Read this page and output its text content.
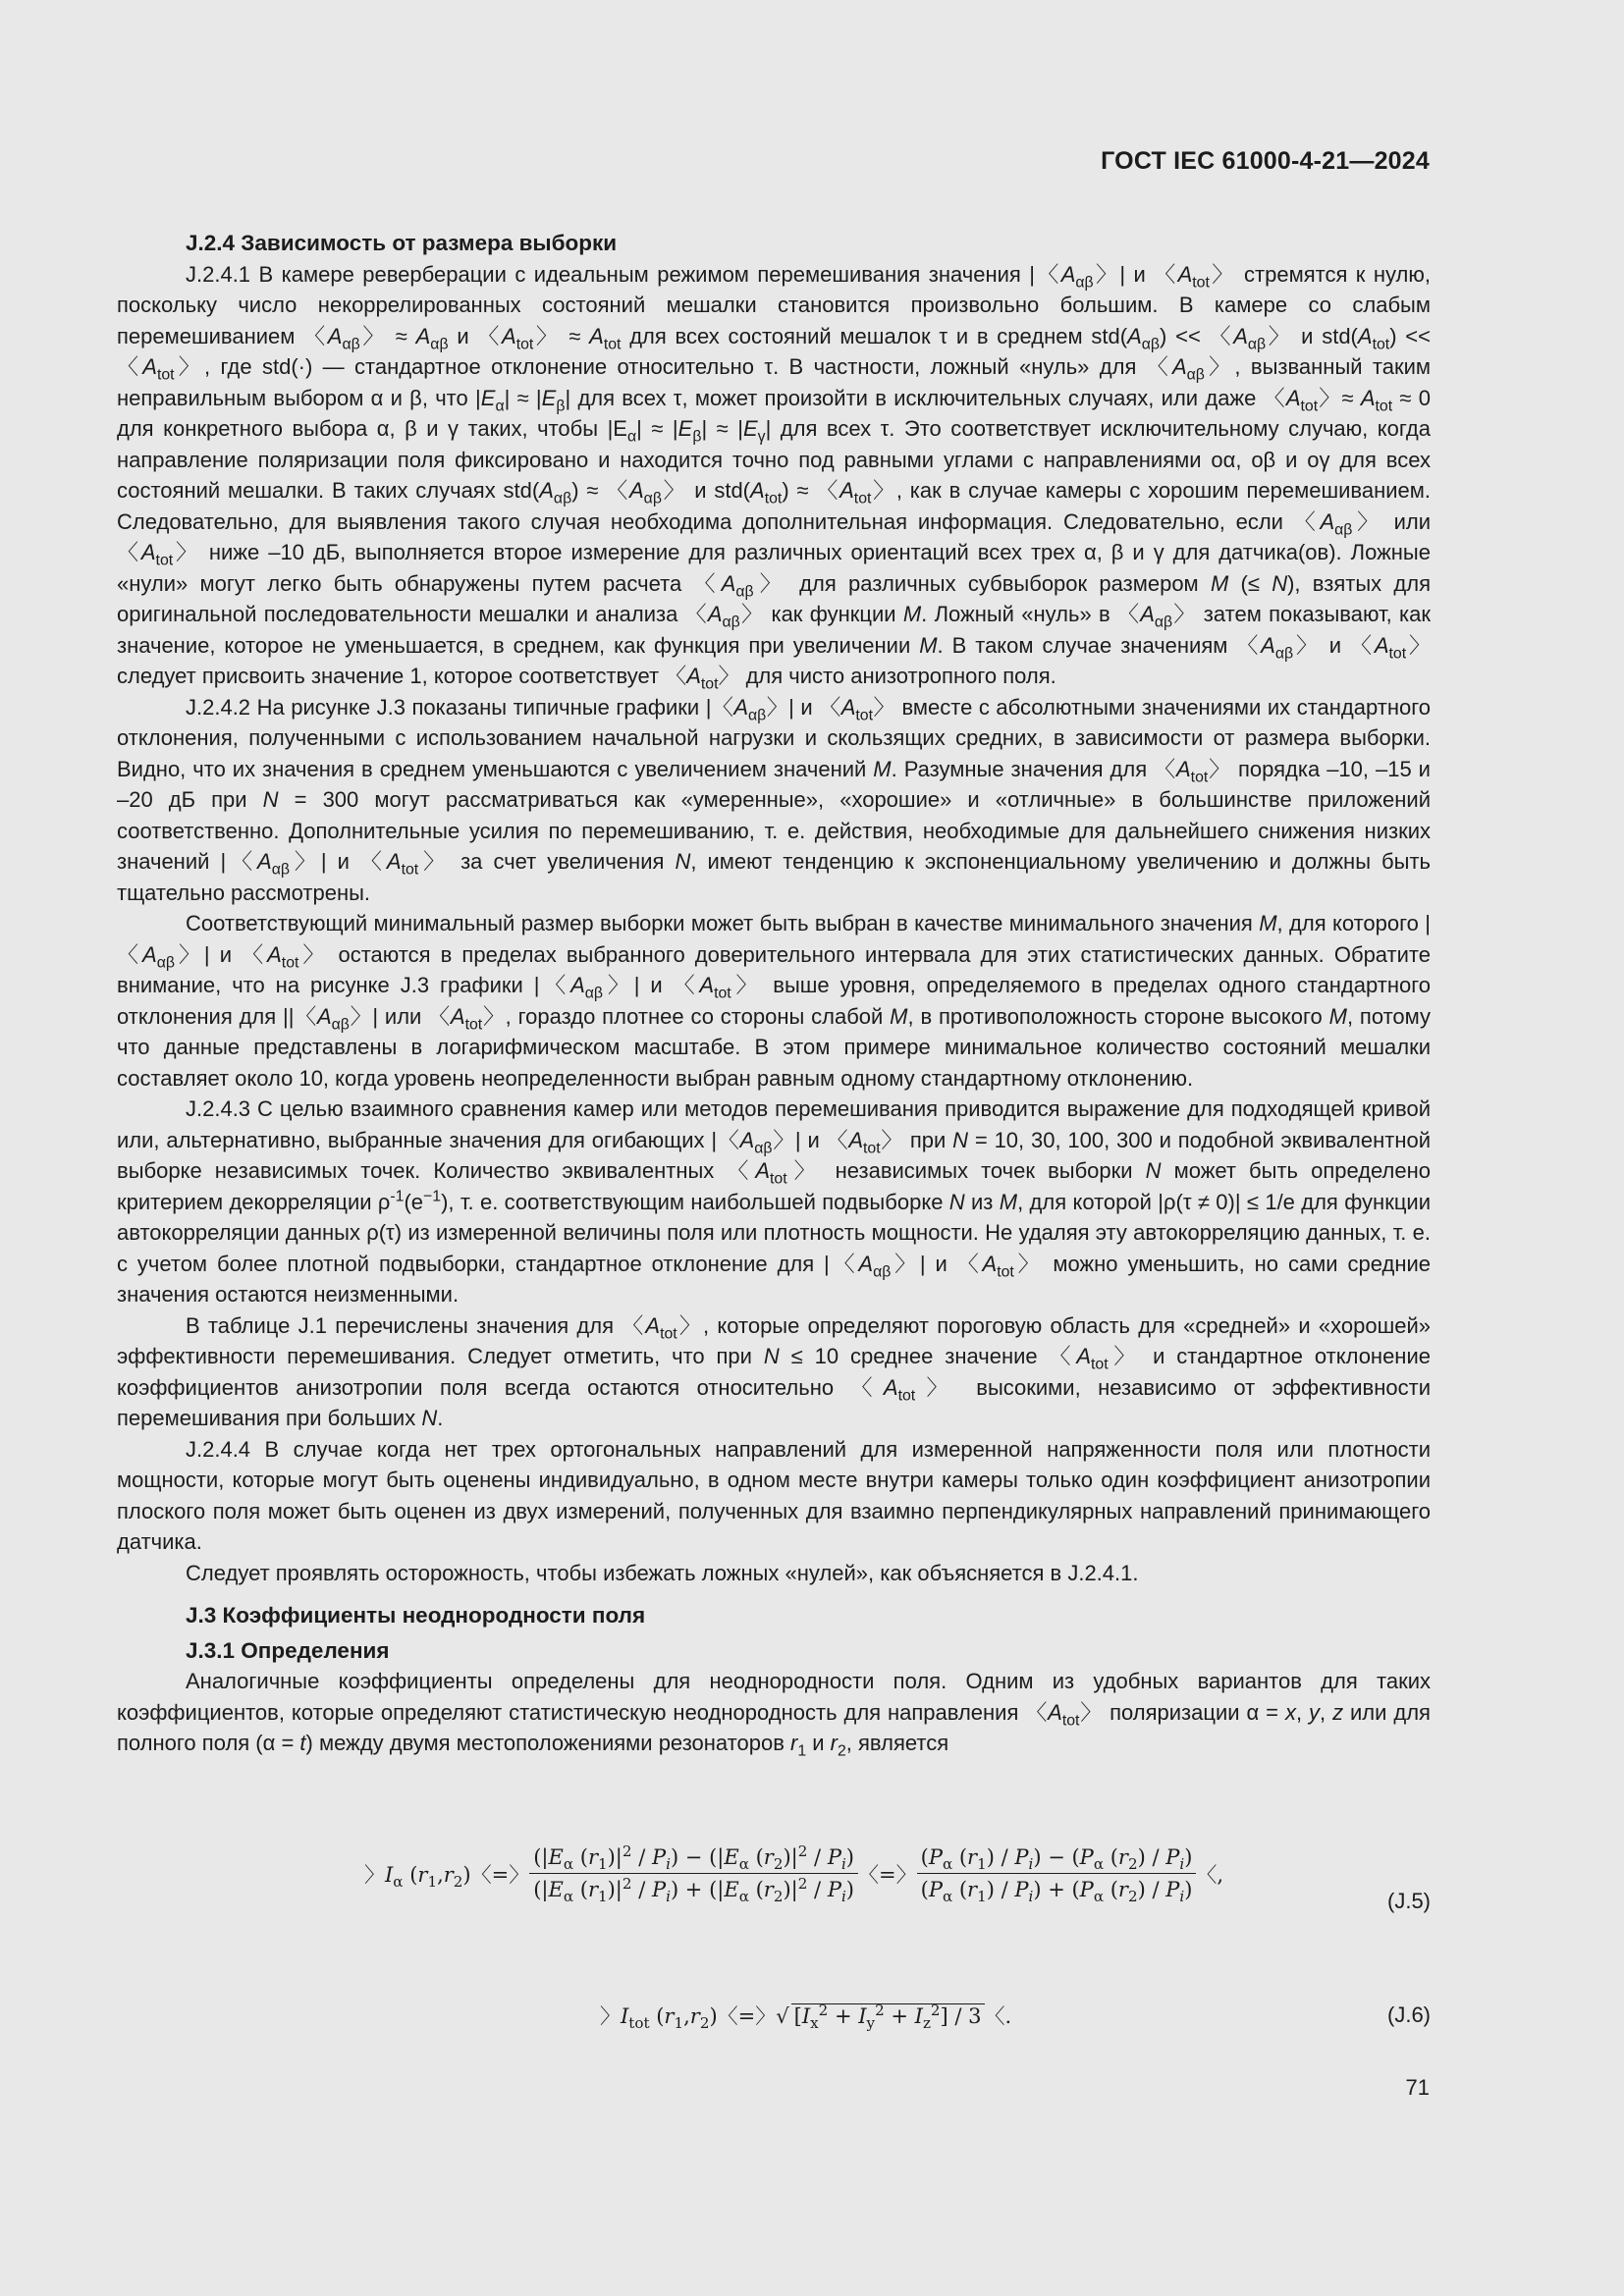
ГОСТ IEC 61000-4-21—2024
J.2.4 Зависимость от размера выборки

J.2.4.1 В камере реверберации с идеальным режимом перемешивания значения |〈$A_{\alpha\beta}$〉| и 〈$A_{tot}$〉 стремятся к нулю, поскольку число некоррелированных состояний мешалки становится произвольно большим. В камере со слабым перемешиванием 〈$A_{\alpha\beta}$〉 ≈ $A_{\alpha\beta}$ и 〈$A_{tot}$〉 ≈ $A_{tot}$ для всех состояний мешалок τ и в среднем $std(A_{\alpha\beta})$ << 〈$A_{\alpha\beta}$〉 и $std(A_{tot})$ << 〈$A_{tot}$〉, где std(·) — стандартное отклонение относительно τ. В частности, ложный «нуль» для 〈$A_{\alpha\beta}$〉, вызванный таким неправильным выбором α и β, что $|E_\alpha| \approx |E_\beta|$ для всех τ, может произойти в исключительных случаях, или даже 〈$A_{tot}$〉≈ $A_{tot} \approx 0$ для конкретного выбора α, β и γ таких, чтобы $|E_\alpha| \approx |E_\beta| \approx |E_\gamma|$ для всех τ. Это соответствует исключительному случаю, когда направление поляризации поля фиксировано и находится точно под равными углами с направлениями oα, oβ и oγ для всех состояний мешалки. В таких случаях $std(A_{\alpha\beta})$ ≈ 〈$A_{\alpha\beta}$〉 и $std(A_{tot})$ ≈ 〈$A_{tot}$〉, как в случае камеры с хорошим перемешиванием. Следовательно, для выявления такого случая необходима дополнительная информация. Следовательно, если 〈$A_{\alpha\beta}$〉 или 〈$A_{tot}$〉 ниже –10 дБ, выполняется второе измерение для различных ориентаций всех трех α, β и γ для датчика(ов). Ложные «нули» могут легко быть обнаружены путем расчета 〈$A_{\alpha\beta}$〉 для различных субвыборок размером M (≤ N), взятых для оригинальной последовательности мешалки и анализа 〈$A_{\alpha\beta}$〉 как функции M. Ложный «нуль» в 〈$A_{\alpha\beta}$〉 затем показывают, как значение, которое не уменьшается, в среднем, как функция при увеличении M. В таком случае значениям 〈$A_{\alpha\beta}$〉 и 〈$A_{tot}$〉 следует присвоить значение 1, которое соответствует 〈$A_{tot}$〉 для чисто анизотропного поля.

J.2.4.2 На рисунке J.3 показаны типичные графики |〈$A_{\alpha\beta}$〉| и 〈$A_{tot}$〉 вместе с абсолютными значениями их стандартного отклонения, полученными с использованием начальной нагрузки и скользящих средних, в зависимости от размера выборки. Видно, что их значения в среднем уменьшаются с увеличением значений M. Разумные значения для 〈$A_{tot}$〉 порядка –10, –15 и –20 дБ при N = 300 могут рассматриваться как «умеренные», «хорошие» и «отличные» в большинстве приложений соответственно. Дополнительные усилия по перемешиванию, т. е. действия, необходимые для дальнейшего снижения низких значений |〈$A_{\alpha\beta}$〉| и 〈$A_{tot}$〉 за счет увеличения N, имеют тенденцию к экспоненциальному увеличению и должны быть тщательно рассмотрены.

Соответствующий минимальный размер выборки может быть выбран в качестве минимального значения M, для которого |〈$A_{\alpha\beta}$〉| и 〈$A_{tot}$〉 остаются в пределах выбранного доверительного интервала для этих статистических данных. Обратите внимание, что на рисунке J.3 графики |〈$A_{\alpha\beta}$〉| и 〈$A_{tot}$〉 выше уровня, определяемого в пределах одного стандартного отклонения для ||〈$A_{\alpha\beta}$〉| или 〈$A_{tot}$〉, гораздо плотнее со стороны слабой M, в противоположность стороне высокого M, потому что данные представлены в логарифмическом масштабе. В этом примере минимальное количество состояний мешалки составляет около 10, когда уровень неопределенности выбран равным одному стандартному отклонению.

J.2.4.3 С целью взаимного сравнения камер или методов перемешивания приводится выражение для подходящей кривой или, альтернативно, выбранные значения для огибающих |〈$A_{\alpha\beta}$〉| и 〈$A_{tot}$〉 при N = 10, 30, 100, 300 и подобной эквивалентной выборке независимых точек. Количество эквивалентных 〈$A_{tot}$〉 независимых точек выборки N может быть определено критерием декорреляции $\rho^{-1}(e^{-1})$, т. е. соответствующим наибольшей подвыборке N из M, для которой |ρ(τ ≠ 0)| ≤ 1/e для функции автокорреляции данных ρ(τ) из измеренной величины поля или плотность мощности. Не удаляя эту автокорреляцию данных, т. е. с учетом более плотной подвыборки, стандартное отклонение для |〈$A_{\alpha\beta}$〉| и 〈$A_{tot}$〉 можно уменьшить, но сами средние значения остаются неизменными.

В таблице J.1 перечислены значения для 〈$A_{tot}$〉, которые определяют пороговую область для «средней» и «хорошей» эффективности перемешивания. Следует отметить, что при N ≤ 10 среднее значение 〈$A_{tot}$〉 и стандартное отклонение коэффициентов анизотропии поля всегда остаются относительно 〈$A_{tot}$〉 высокими, независимо от эффективности перемешивания при больших N.

J.2.4.4 В случае когда нет трех ортогональных направлений для измеренной напряженности поля или плотности мощности, которые могут быть оценены индивидуально, в одном месте внутри камеры только один коэффициент анизотропии плоского поля может быть оценен из двух измерений, полученных для взаимно перпендикулярных направлений принимающего датчика.

Следует проявлять осторожность, чтобы избежать ложных «нулей», как объясняется в J.2.4.1.

J.3 Коэффициенты неоднородности поля
J.3.1 Определения

Аналогичные коэффициенты определены для неоднородности поля. Одним из удобных вариантов для таких коэффициентов, которые определяют статистическую неоднородность для направления 〈$A_{tot}$〉 поляризации α = x, y, z или для полного поля (α = t) между двумя местоположениями резонаторов $r_1$ и $r_2$, является

〉$I_\alpha$ $(r_1,r_2)$〈=〉 $\frac{(|E_\alpha (r_1)|^2 / P_i) - (|E_\alpha (r_2)|^2 / P_i)}{(|E_\alpha (r_1)|^2 / P_i) + (|E_\alpha (r_2)|^2 / P_i)}$ 〈=〉 $\frac{(P_\alpha (r_1) / P_i) - (P_\alpha (r_2) / P_i)}{(P_\alpha (r_1) / P_i) + (P_\alpha (r_2) / P_i)}$ 〈,
(J.5)
〉$I_{tot}$ $(r_1,r_2)$〈=〉√ $[I_x^2 + I_y^2 + I_z^2] / 3$ 〈.	(J.6)
71
